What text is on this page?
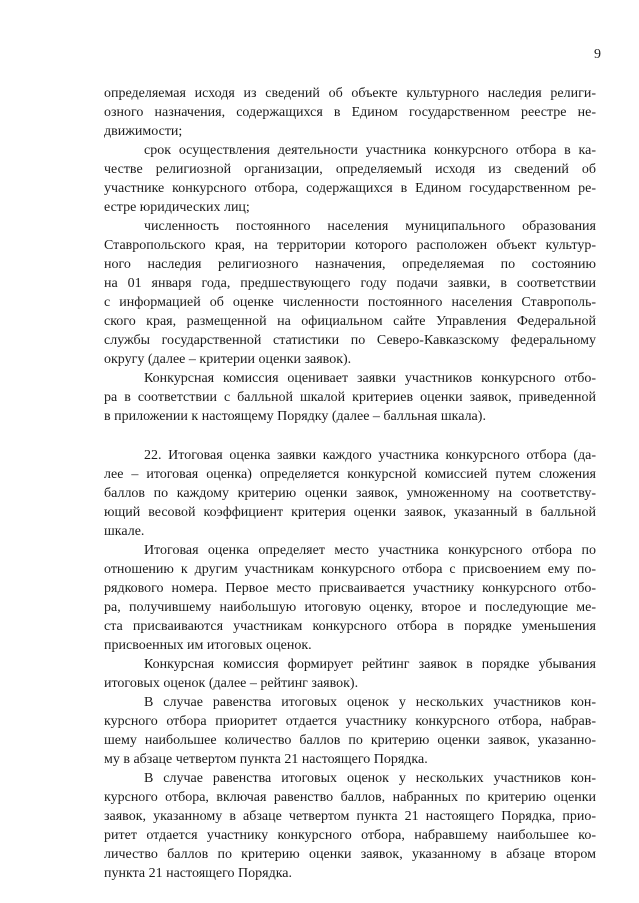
9
определяемая исходя из сведений об объекте культурного наследия религи-
озного назначения, содержащихся в Едином государственном реестре не-
движимости;
срок осуществления деятельности участника конкурсного отбора в ка-
честве религиозной организации, определяемый исходя из сведений об
участнике конкурсного отбора, содержащихся в Едином государственном ре-
естре юридических лиц;
численность постоянного населения муниципального образования
Ставропольского края, на территории которого расположен объект культур-
ного наследия религиозного назначения, определяемая по состоянию
на 01 января года, предшествующего году подачи заявки, в соответствии
с информацией об оценке численности постоянного населения Ставрополь-
ского края, размещенной на официальном сайте Управления Федеральной
службы государственной статистики по Северо-Кавказскому федеральному
округу (далее – критерии оценки заявок).
Конкурсная комиссия оценивает заявки участников конкурсного отбо-
ра в соответствии с балльной шкалой критериев оценки заявок, приведенной
в приложении к настоящему Порядку (далее – балльная шкала).
22. Итоговая оценка заявки каждого участника конкурсного отбора (да-
лее – итоговая оценка) определяется конкурсной комиссией путем сложения
баллов по каждому критерию оценки заявок, умноженному на соответству-
ющий весовой коэффициент критерия оценки заявок, указанный в балльной
шкале.
Итоговая оценка определяет место участника конкурсного отбора по
отношению к другим участникам конкурсного отбора с присвоением ему по-
рядкового номера. Первое место присваивается участнику конкурсного отбо-
ра, получившему наибольшую итоговую оценку, второе и последующие ме-
ста присваиваются участникам конкурсного отбора в порядке уменьшения
присвоенных им итоговых оценок.
Конкурсная комиссия формирует рейтинг заявок в порядке убывания
итоговых оценок (далее – рейтинг заявок).
В случае равенства итоговых оценок у нескольких участников кон-
курсного отбора приоритет отдается участнику конкурсного отбора, набрав-
шему наибольшее количество баллов по критерию оценки заявок, указанно-
му в абзаце четвертом пункта 21 настоящего Порядка.
В случае равенства итоговых оценок у нескольких участников кон-
курсного отбора, включая равенство баллов, набранных по критерию оценки
заявок, указанному в абзаце четвертом пункта 21 настоящего Порядка, прио-
ритет отдается участнику конкурсного отбора, набравшему наибольшее ко-
личество баллов по критерию оценки заявок, указанному в абзаце втором
пункта 21 настоящего Порядка.
